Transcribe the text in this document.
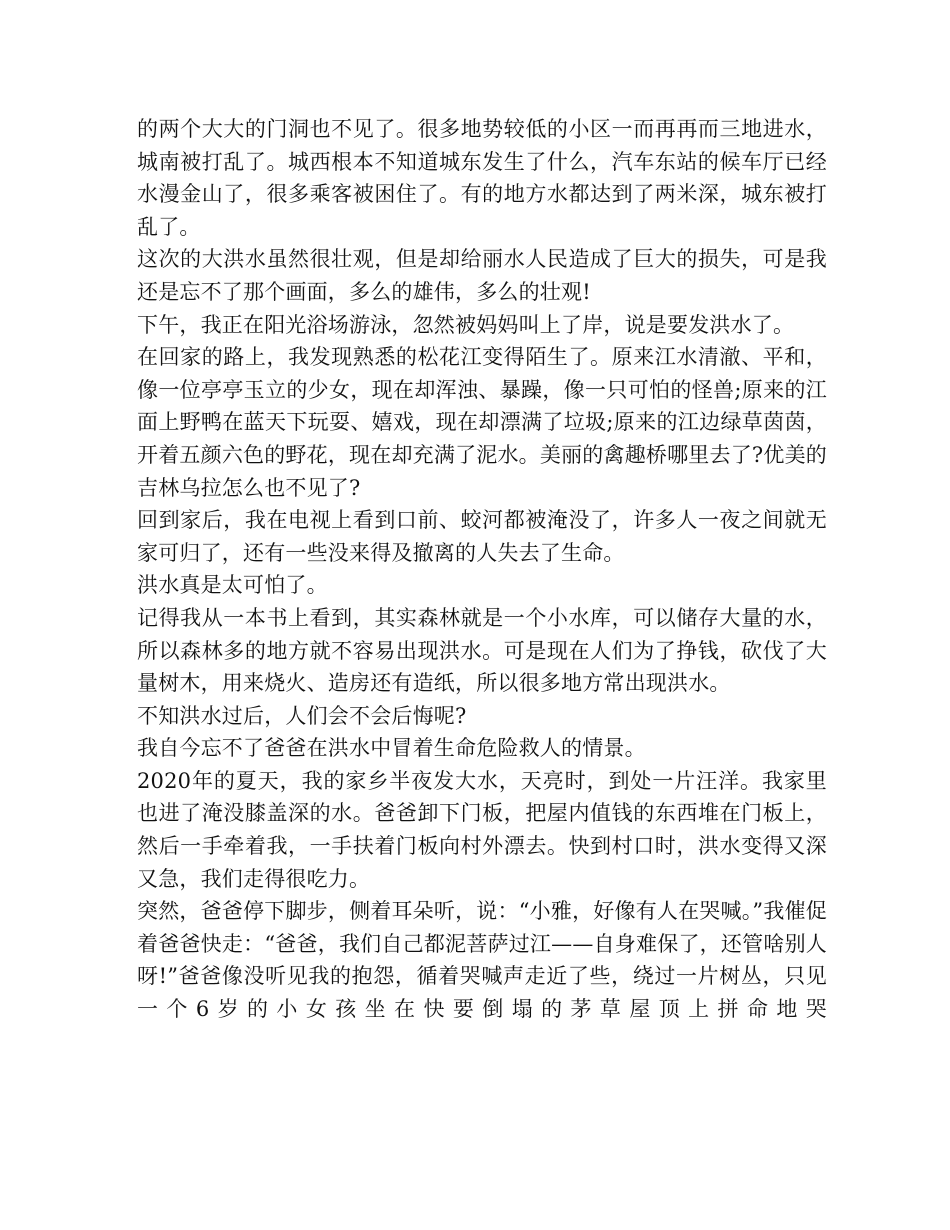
的两个大大的门洞也不见了。很多地势较低的小区一而再再而三地进水，城南被打乱了。城西根本不知道城东发生了什么，汽车东站的候车厅已经水漫金山了，很多乘客被困住了。有的地方水都达到了两米深，城东被打乱了。

这次的大洪水虽然很壮观，但是却给丽水人民造成了巨大的损失，可是我还是忘不了那个画面，多么的雄伟，多么的壮观!

下午，我正在阳光浴场游泳，忽然被妈妈叫上了岸，说是要发洪水了。

在回家的路上，我发现熟悉的松花江变得陌生了。原来江水清澈、平和，像一位亭亭玉立的少女，现在却浑浊、暴躁，像一只可怕的怪兽;原来的江面上野鸭在蓝天下玩耍、嬉戏，现在却漂满了垃圾;原来的江边绿草茵茵，开着五颜六色的野花，现在却充满了泥水。美丽的禽趣桥哪里去了?优美的吉林乌拉怎么也不见了?

回到家后，我在电视上看到口前、蛟河都被淹没了，许多人一夜之间就无家可归了，还有一些没来得及撤离的人失去了生命。

洪水真是太可怕了。

记得我从一本书上看到，其实森林就是一个小水库，可以储存大量的水，所以森林多的地方就不容易出现洪水。可是现在人们为了挣钱，砍伐了大量树木，用来烧火、造房还有造纸，所以很多地方常出现洪水。

不知洪水过后，人们会不会后悔呢?

我自今忘不了爸爸在洪水中冒着生命危险救人的情景。

2020年的夏天，我的家乡半夜发大水，天亮时，到处一片汪洋。我家里也进了淹没膝盖深的水。爸爸卸下门板，把屋内值钱的东西堆在门板上，然后一手牵着我，一手扶着门板向村外漂去。快到村口时，洪水变得又深又急，我们走得很吃力。

突然，爸爸停下脚步，侧着耳朵听，说：“小雅，好像有人在哭喊。”我催促着爸爸快走：“爸爸，我们自己都泥菩萨过江——自身难保了，还管啥别人呀!”爸爸像没听见我的抱怨，循着哭喊声走近了些，绕过一片树丛，只见一个6岁的小女孩坐在快要倒塌的茅草屋顶上拼命地哭
